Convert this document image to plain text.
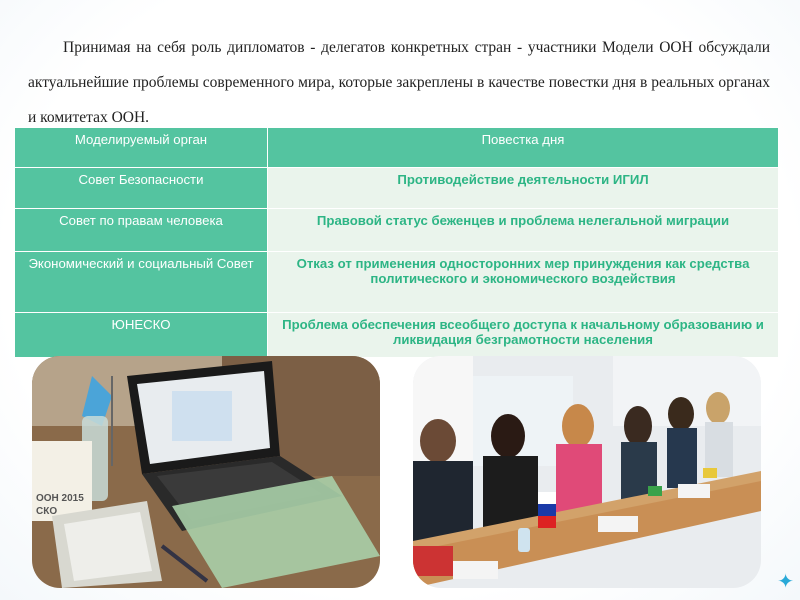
Принимая на себя роль дипломатов - делегатов конкретных стран - участники Модели ООН обсуждали актуальнейшие проблемы современного мира, которые закреплены в качестве повестки дня в реальных органах и комитетах ООН.

Моделируемый орган	Повестка дня
Совет Безопасности	Противодействие деятельности ИГИЛ
Совет по правам человека	Правовой статус беженцев и проблема нелегальной миграции
Экономический и социальный Совет	Отказ от применения односторонних мер принуждения как средства политического и экономического воздействия
ЮНЕСКО	Проблема обеспечения всеобщего доступа к начальному образованию и ликвидация безграмотности населения
ООН 2015
СКО
✦
